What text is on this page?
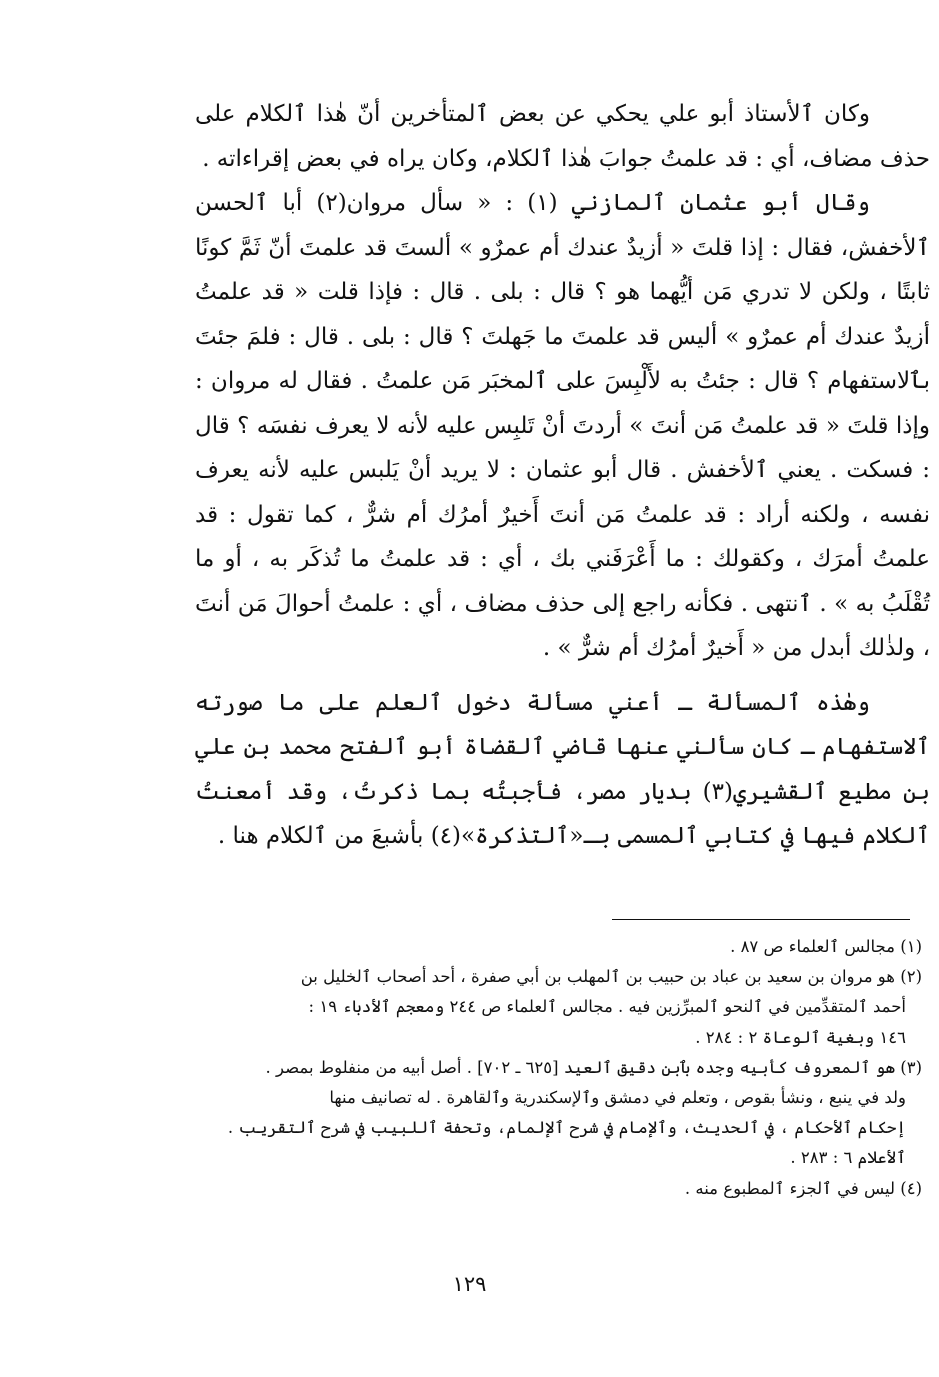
وكان ٱلأستاذ أبو علي يحكي عن بعض ٱلمتأخرين أنّ هٰذا ٱلكلام على حذف مضاف، أي : قد علمتُ جوابَ هٰذا ٱلكلام، وكان يراه في بعض إقراءاته .

وقال أبو عثمان ٱلمازني (١) : « سأل مروان(٢) أبا ٱلحسن ٱلأخفش، فقال : إذا قلتَ « أزيدٌ عندك أم عمرٌو » ألستَ قد علمتَ أنّ ثَمَّ كونًا ثابتًا ، ولكن لا تدري مَن أيُّهما هو ؟ قال : بلى . قال : فإذا قلت « قد علمتُ أزيدٌ عندك أم عمرٌو » أليس قد علمتَ ما جَهلتَ ؟ قال : بلى . قال : فلمَ جئتَ بٱلاستفهام ؟ قال : جئتُ به لأَلْبِسَ على ٱلمخبَر مَن علمتُ . فقال له مروان : وإذا قلتَ « قد علمتُ مَن أنتَ » أردتَ أنْ تَلبِس عليه لأنه لا يعرف نفسَه ؟ قال : فسكت . يعني ٱلأخفش . قال أبو عثمان : لا يريد أنْ يَلبس عليه لأنه يعرف نفسه ، ولكنه أراد : قد علمتُ مَن أنتَ أَخيرٌ أمرُك أم شرٌّ ، كما تقول : قد علمتُ أمرَك ، وكقولك : ما أَعْرَفَني بك ، أي : قد علمتُ ما تُذكَر به ، أو ما تُقْلَبُ به » . ٱنتهى . فكأنه راجع إلى حذف مضاف ، أي : علمتُ أحوالَ مَن أنتَ ، ولذٰلك أبدل من « أَخيرٌ أمرُك أم شرٌّ » .

وهٰذه ٱلمسألة ـ أعني مسألة دخول ٱلعلم على ما صورته ٱلاستفهام ـ كان سألني عنها قاضي ٱلقضاة أبو ٱلفتح محمد بن علي بن مطيع ٱلقشيري(٣) بديار مصر، فأجبتُه بما ذكرتُ، وقد أمعنتُ ٱلكلام فيها في كتابي ٱلمسمى بـ«ٱلتذكرة»(٤) بأشبعَ من ٱلكلام هنا .

(١) مجالس ٱلعلماء ص ٨٧ .
(٢) هو مروان بن سعيد بن عباد بن حبيب بن ٱلمهلب بن أبي صفرة ، أحد أصحاب ٱلخليل بن
أحمد ٱلمتقدِّمين في ٱلنحو ٱلمبرِّزين فيه . مجالس ٱلعلماء ص ٢٤٤ ومعجم ٱلأدباء ١٩ :
١٤٦ وبغية ٱلوعاة ٢ : ٢٨٤ .
(٣) هو ٱلمعروف كأبيه وجده بٱبن دقيق ٱلعيد [٦٢٥ ـ ٧٠٢] . أصل أبيه من منفلوط بمصر .
ولد في ينبع ، ونشأ بقوص ، وتعلم في دمشق وٱلإسكندرية وٱلقاهرة . له تصانيف منها
إحكام ٱلأحكام ، في ٱلحديث، وٱلإمام في شرح ٱلإلمام، وتحفة ٱللبيب في شرح ٱلتقريب .
ٱلأعلام ٦ : ٢٨٣ .
(٤) ليس في ٱلجزء ٱلمطبوع منه .
١٢٩
